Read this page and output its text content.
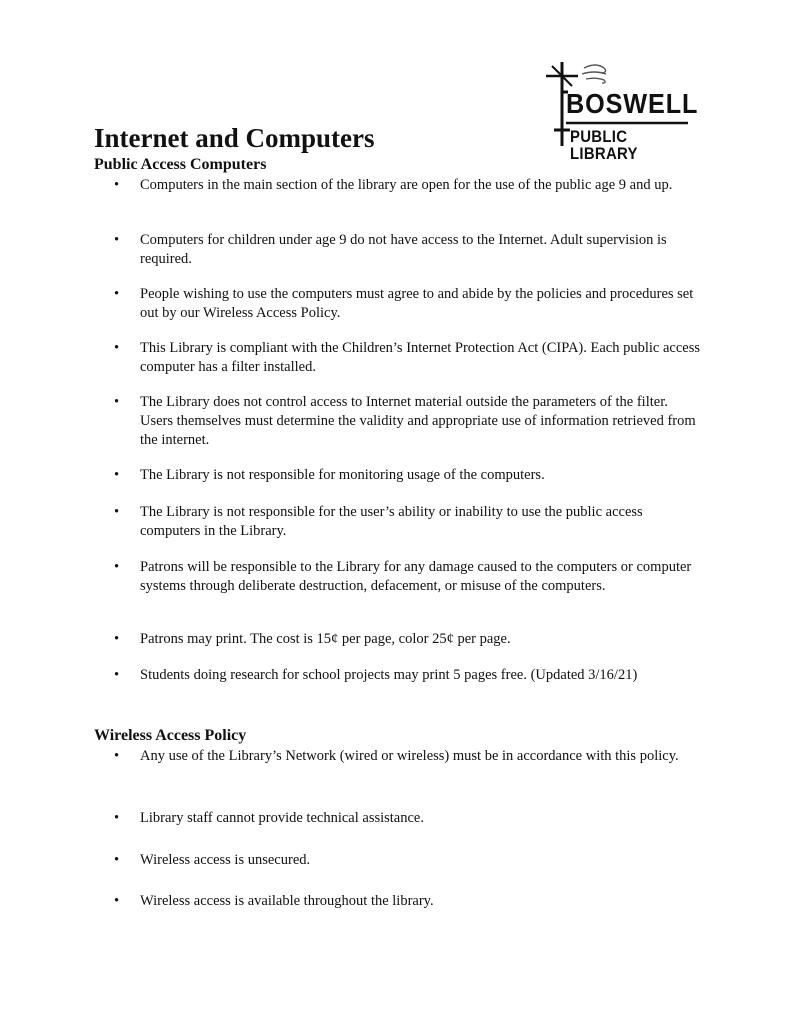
BOSWELL
PUBLIC LIBRARY
Internet and Computers
Public Access Computers
•	Computers in the main section of the library are open for the use of the public age 9 and up.
•	Computers for children under age 9 do not have access to the Internet. Adult supervision is required.
•	People wishing to use the computers must agree to and abide by the policies and procedures set out by our Wireless Access Policy.
•	This Library is compliant with the Children’s Internet Protection Act (CIPA). Each public access computer has a filter installed.
•	The Library does not control access to Internet material outside the parameters of the filter. Users themselves must determine the validity and appropriate use of information retrieved from the internet.
•	The Library is not responsible for monitoring usage of the computers.
•	The Library is not responsible for the user’s ability or inability to use the public access computers in the Library.
•	Patrons will be responsible to the Library for any damage caused to the computers or computer systems through deliberate destruction, defacement, or misuse of the computers.
•	Patrons may print. The cost is 15¢ per page, color 25¢ per page.
•	Students doing research for school projects may print 5 pages free. (Updated 3/16/21)
Wireless Access Policy
•	Any use of the Library’s Network (wired or wireless) must be in accordance with this policy.
•	Library staff cannot provide technical assistance.
•	Wireless access is unsecured.
•	Wireless access is available throughout the library.
